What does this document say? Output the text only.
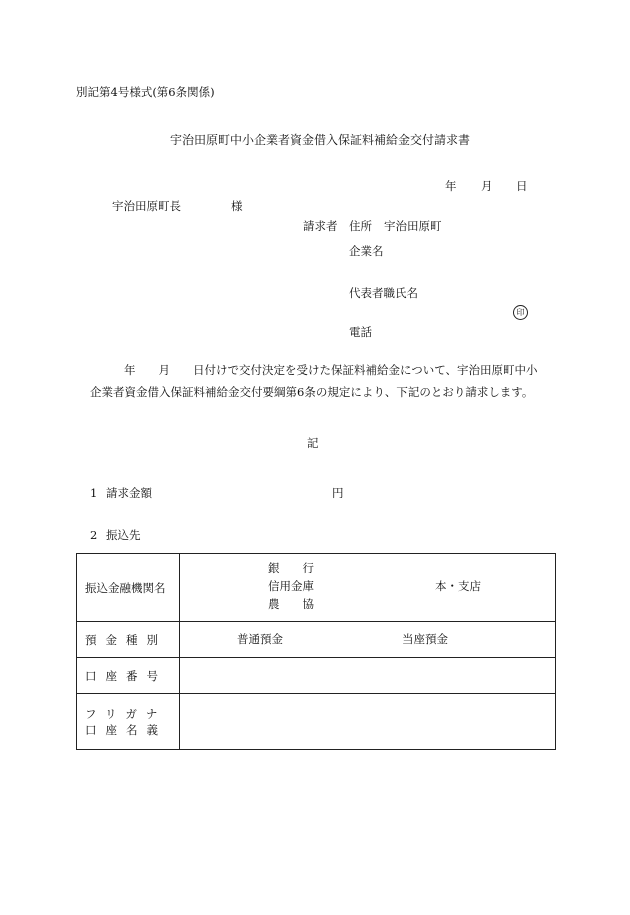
別記第4号様式(第6条関係)
宇治田原町中小企業者資金借入保証料補給金交付請求書
年 月 日
宇治田原町長	様
請求者 住所 宇治田原町
企業名
代表者職氏名
印
電話
年　　月　　日付けで交付決定を受けた保証料補給金について、宇治田原町中小
企業者資金借入保証料補給金交付要綱第6条の規定により、下記のとおり請求します。
記
1 請求金額	円
2 振込先
振込金融機関名	銀　　行
信用金庫
農　　協
本・支店

預金種別	普通預金 当座預金

口座番号	

フリガナ
口座名義	
